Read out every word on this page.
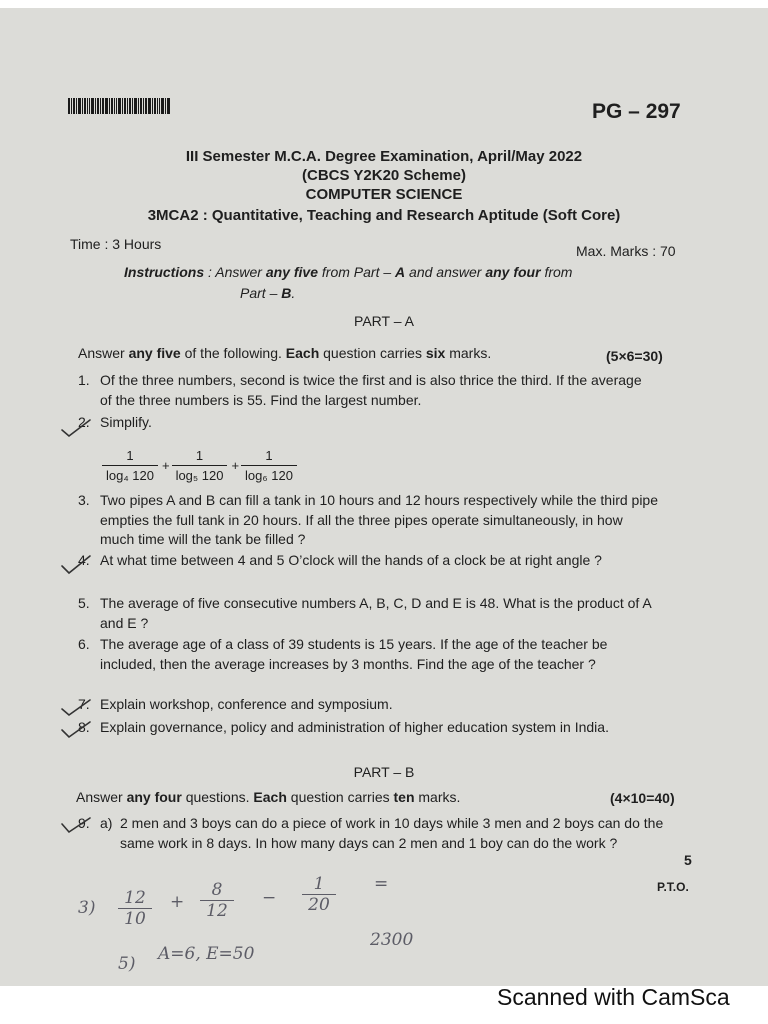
PG – 297
III Semester M.C.A. Degree Examination, April/May 2022
(CBCS Y2K20 Scheme)
COMPUTER SCIENCE
3MCA2 : Quantitative, Teaching and Research Aptitude (Soft Core)
Time : 3 Hours	Max. Marks : 70
Instructions : Answer any five from Part – A and answer any four from
Part – B.
PART – A
Answer any five of the following. Each question carries six marks.	(5×6=30)
1. Of the three numbers, second is twice the first and is also thrice the third. If the average of the three numbers is 55. Find the largest number.
2. Simplify.
$\frac{1}{\text{log₄ 120}} + \frac{1}{\text{log₅ 120}} + \frac{1}{\text{log₆ 120}}$
3. Two pipes A and B can fill a tank in 10 hours and 12 hours respectively while the third pipe empties the full tank in 20 hours. If all the three pipes operate simultaneously, in how much time will the tank be filled ?
4. At what time between 4 and 5 O’clock will the hands of a clock be at right angle ?
5. The average of five consecutive numbers A, B, C, D and E is 48. What is the product of A and E ?
6. The average age of a class of 39 students is 15 years. If the age of the teacher be included, then the average increases by 3 months. Find the age of the teacher ?
7. Explain workshop, conference and symposium.
8. Explain governance, policy and administration of higher education system in India.
PART – B
Answer any four questions. Each question carries ten marks.	(4×10=40)
9. a) 2 men and 3 boys can do a piece of work in 10 days while 3 men and 2 boys can do the same work in 8 days. In how many days can 2 men and 1 boy can do the work ?
5
P.T.O.
$3) \frac{12}{10} + \frac{8}{12} - \frac{1}{20}$ =
5) A=6, E=50
2300
Scanned with CamSca
